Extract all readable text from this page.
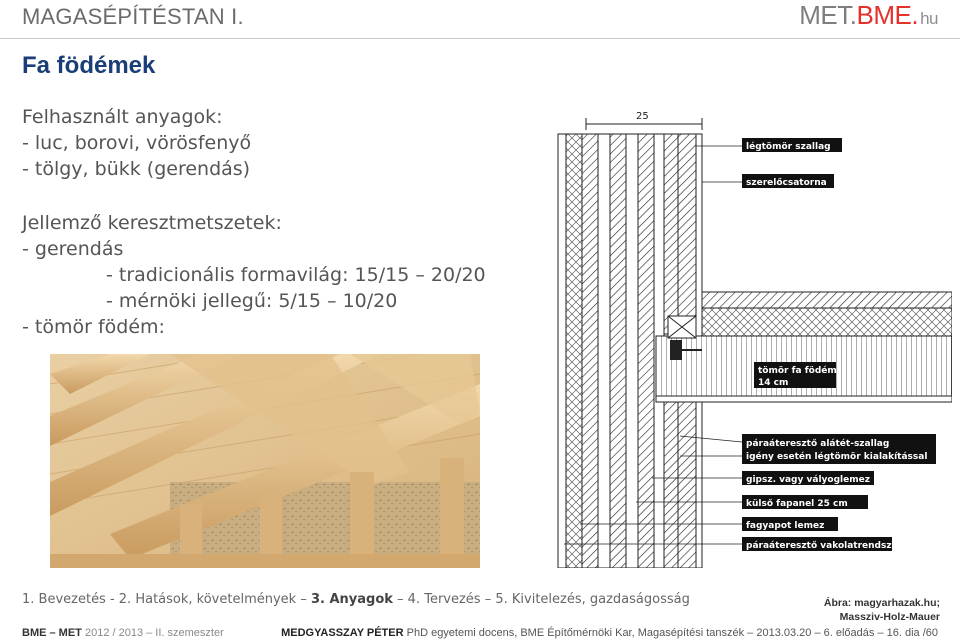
MAGASÉPÍTÉSTAN I.	MET.BME. hu
Fa födémek
Felhasznált anyagok:
- luc, borovi, vörösfenyő
- tölgy, bükk (gerendás)
Jellemző keresztmetszetek:
- gerendás
- tradicionális formavilág: 15/15 – 20/20
- mérnöki jellegű: 5/15 – 10/20
- tömör födém:
25
légtömör szallag
szerelőcsatorna
tömör fa födém
14 cm
páraáteresztő alátét-szallag
igény esetén légtömör kialakítással
gipsz. vagy vályoglemez
külső fapanel 25 cm
fagyapot lemez
páraáteresztő vakolatrendszer
Ábra: magyarhazak.hu;
Massziv-Holz-Mauer
1. Bevezetés - 2. Hatások, követelmények – 3. Anyagok – 4. Tervezés – 5. Kivitelezés, gazdaságosság
BME – MET 2012 / 2013 – II. szemeszter	MEDGYASSZAY PÉTER PhD egyetemi docens, BME Építőmérnöki Kar, Magasépítési tanszék – 2013.03.20 – 6. előadás – 16. dia /60
